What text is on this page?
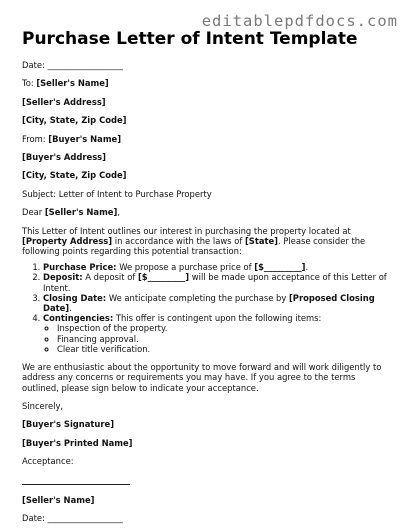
editablepdfdocs.com
Purchase Letter of Intent Template

Date: __________________

To: [Seller's Name]

[Seller's Address]

[City, State, Zip Code]

From: [Buyer's Name]

[Buyer's Address]

[City, State, Zip Code]

Subject: Letter of Intent to Purchase Property

Dear [Seller's Name],

This Letter of Intent outlines our interest in purchasing the property located at [Property Address] in accordance with the laws of [State]. Please consider the following points regarding this potential transaction:

1. Purchase Price: We propose a purchase price of [$_________].
2. Deposit: A deposit of [$_________] will be made upon acceptance of this Letter of Intent.
3. Closing Date: We anticipate completing the purchase by [Proposed Closing Date].
4. Contingencies: This offer is contingent upon the following items:
◦ Inspection of the property.
◦ Financing approval.
◦ Clear title verification.

We are enthusiastic about the opportunity to move forward and will work diligently to address any concerns or requirements you may have. If you agree to the terms outlined, please sign below to indicate your acceptance.

Sincerely,

[Buyer's Signature]

[Buyer's Printed Name]

Acceptance:

[Seller's Name]

Date: __________________
